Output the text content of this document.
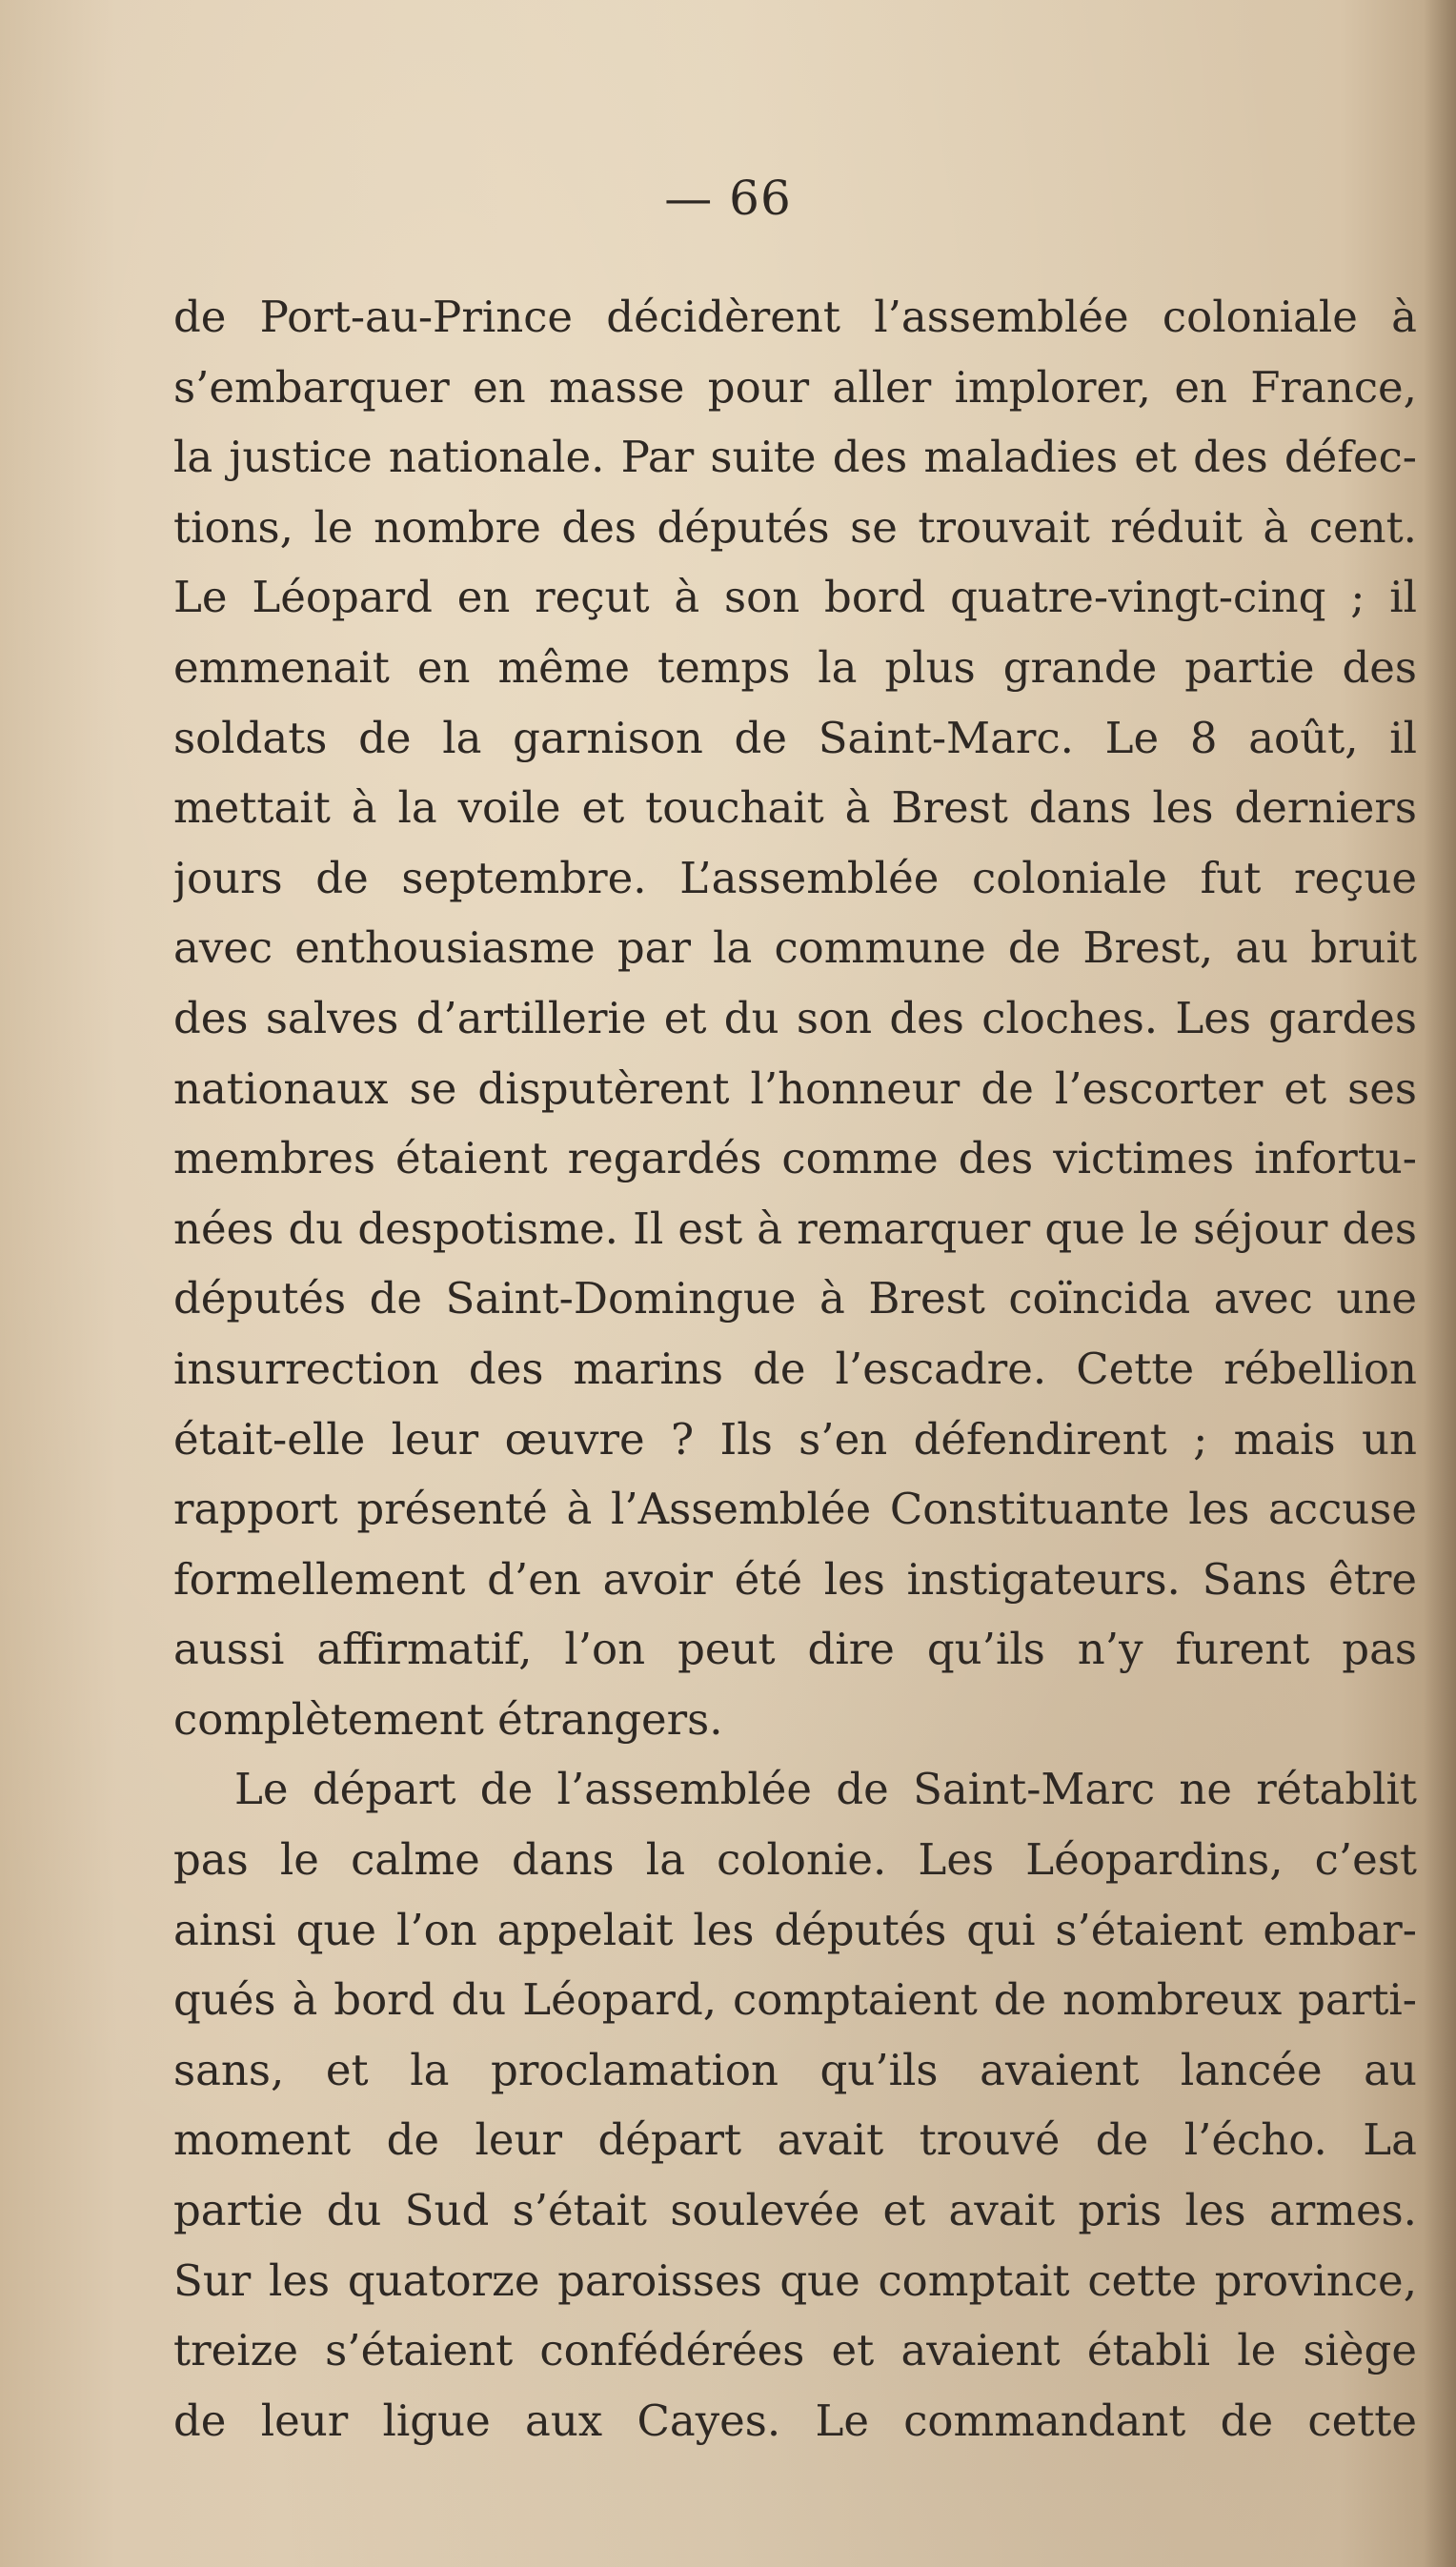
— 66
de Port-au-Prince décidèrent l’assemblée coloniale à
s’embarquer en masse pour aller implorer, en France,
la justice nationale. Par suite des maladies et des défec-
tions, le nombre des députés se trouvait réduit à cent.
Le Léopard en reçut à son bord quatre-vingt-cinq ; il
emmenait en même temps la plus grande partie des
soldats de la garnison de Saint-Marc. Le 8 août, il
mettait à la voile et touchait à Brest dans les derniers
jours de septembre. L’assemblée coloniale fut reçue
avec enthousiasme par la commune de Brest, au bruit
des salves d’artillerie et du son des cloches. Les gardes
nationaux se disputèrent l’honneur de l’escorter et ses
membres étaient regardés comme des victimes infortu-
nées du despotisme. Il est à remarquer que le séjour des
députés de Saint-Domingue à Brest coïncida avec une
insurrection des marins de l’escadre. Cette rébellion
était-elle leur œuvre ? Ils s’en défendirent ; mais un
rapport présenté à l’Assemblée Constituante les accuse
formellement d’en avoir été les instigateurs. Sans être
aussi affirmatif, l’on peut dire qu’ils n’y furent pas
complètement étrangers.
Le départ de l’assemblée de Saint-Marc ne rétablit
pas le calme dans la colonie. Les Léopardins, c’est
ainsi que l’on appelait les députés qui s’étaient embar-
qués à bord du Léopard, comptaient de nombreux parti-
sans, et la proclamation qu’ils avaient lancée au
moment de leur départ avait trouvé de l’écho. La
partie du Sud s’était soulevée et avait pris les armes.
Sur les quatorze paroisses que comptait cette province,
treize s’étaient confédérées et avaient établi le siège
de leur ligue aux Cayes. Le commandant de cette
